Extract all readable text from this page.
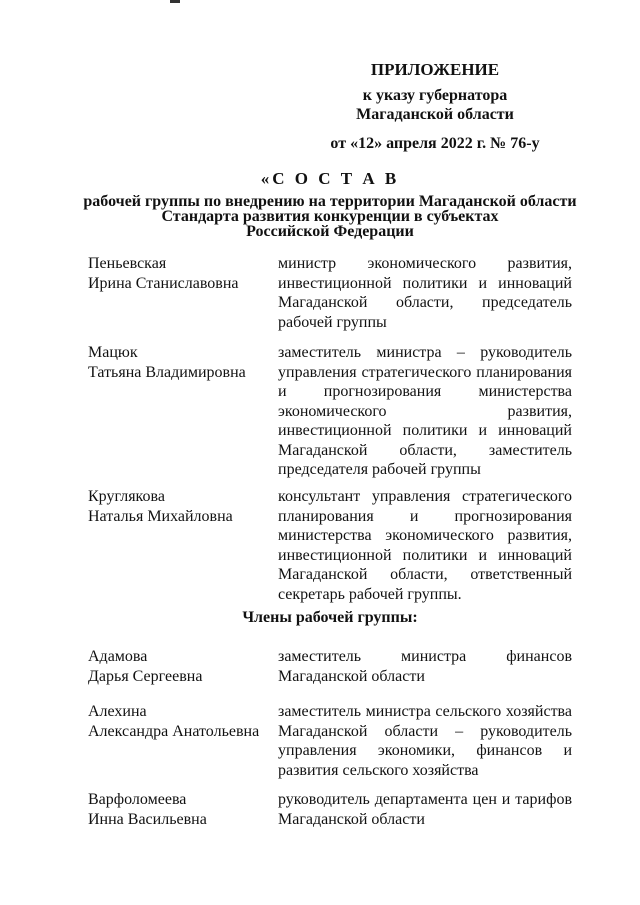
ПРИЛОЖЕНИЕ
к указу губернатора
Магаданской области
от «12» апреля 2022 г. № 76-у
«С О С Т А В
рабочей группы по внедрению на территории Магаданской области
Стандарта развития конкуренции в субъектах
Российской Федерации
Пеньевская
Ирина Станиславовна
министр экономического развития, инвестиционной политики и инноваций Магаданской области, председатель рабочей группы
Мацюк
Татьяна Владимировна
заместитель министра – руководитель управления стратегического планирования и прогнозирования министерства экономического развития, инвестиционной политики и инноваций Магаданской области, заместитель председателя рабочей группы
Круглякова
Наталья Михайловна
консультант управления стратегического планирования и прогнозирования министерства экономического развития, инвестиционной политики и инноваций Магаданской области, ответственный секретарь рабочей группы.
Члены рабочей группы:
Адамова
Дарья Сергеевна
заместитель министра финансов Магаданской области
Алехина
Александра Анатольевна
заместитель министра сельского хозяйства Магаданской области – руководитель управления экономики, финансов и развития сельского хозяйства
Варфоломеева
Инна Васильевна
руководитель департамента цен и тарифов Магаданской области
